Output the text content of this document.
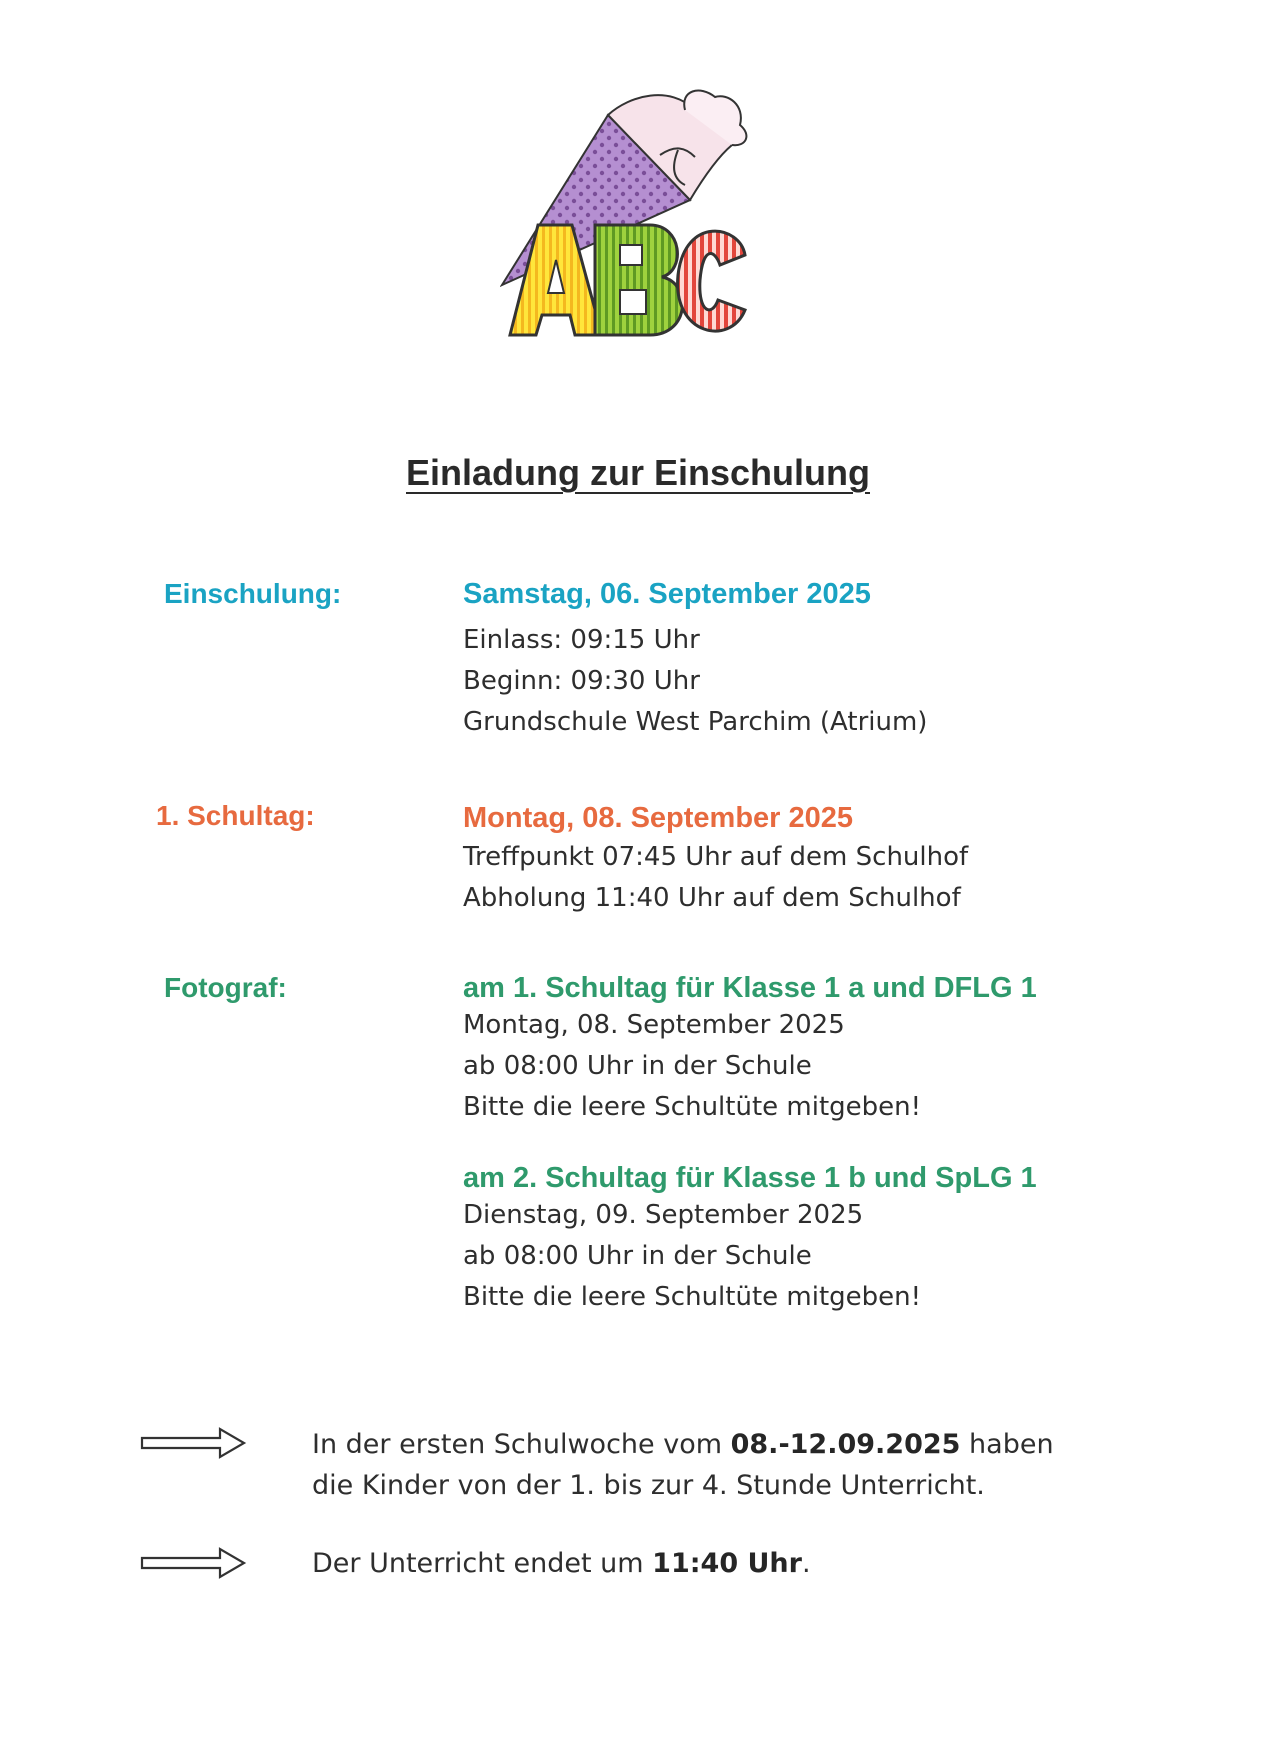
Einladung zur Einschulung
Einschulung:	Samstag, 06. September 2025
Einlass: 09:15 Uhr
Beginn: 09:30 Uhr
Grundschule West Parchim (Atrium)
1. Schultag:	Montag, 08. September 2025
Treffpunkt 07:45 Uhr auf dem Schulhof
Abholung 11:40 Uhr auf dem Schulhof
Fotograf:	am 1. Schultag für Klasse 1 a und DFLG 1
Montag, 08. September 2025
ab 08:00 Uhr in der Schule
Bitte die leere Schultüte mitgeben!
am 2. Schultag für Klasse 1 b und SpLG 1
Dienstag, 09. September 2025
ab 08:00 Uhr in der Schule
Bitte die leere Schultüte mitgeben!
In der ersten Schulwoche vom 08.-12.09.2025 haben
die Kinder von der 1. bis zur 4. Stunde Unterricht.
Der Unterricht endet um 11:40 Uhr.
